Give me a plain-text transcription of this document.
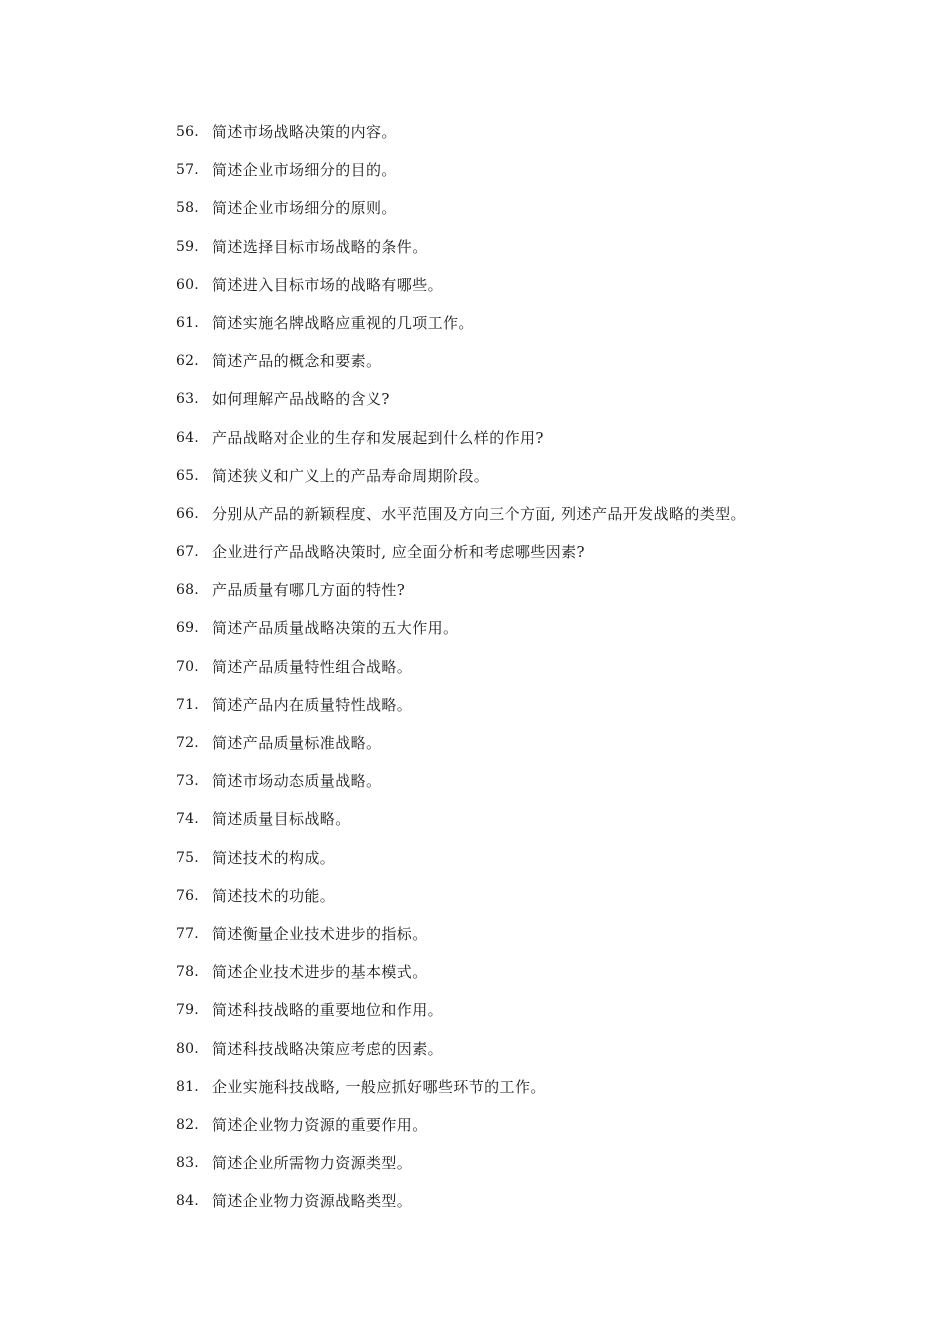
56. 简述市场战略决策的内容。
57. 简述企业市场细分的目的。
58. 简述企业市场细分的原则。
59. 简述选择目标市场战略的条件。
60. 简述进入目标市场的战略有哪些。
61. 简述实施名牌战略应重视的几项工作。
62. 简述产品的概念和要素。
63. 如何理解产品战略的含义?
64. 产品战略对企业的生存和发展起到什么样的作用?
65. 简述狭义和广义上的产品寿命周期阶段。
66. 分别从产品的新颖程度、水平范围及方向三个方面, 列述产品开发战略的类型。
67. 企业进行产品战略决策时, 应全面分析和考虑哪些因素?
68. 产品质量有哪几方面的特性?
69. 简述产品质量战略决策的五大作用。
70. 简述产品质量特性组合战略。
71. 简述产品内在质量特性战略。
72. 简述产品质量标准战略。
73. 简述市场动态质量战略。
74. 简述质量目标战略。
75. 简述技术的构成。
76. 简述技术的功能。
77. 简述衡量企业技术进步的指标。
78. 简述企业技术进步的基本模式。
79. 简述科技战略的重要地位和作用。
80. 简述科技战略决策应考虑的因素。
81. 企业实施科技战略, 一般应抓好哪些环节的工作。
82. 简述企业物力资源的重要作用。
83. 简述企业所需物力资源类型。
84. 简述企业物力资源战略类型。
